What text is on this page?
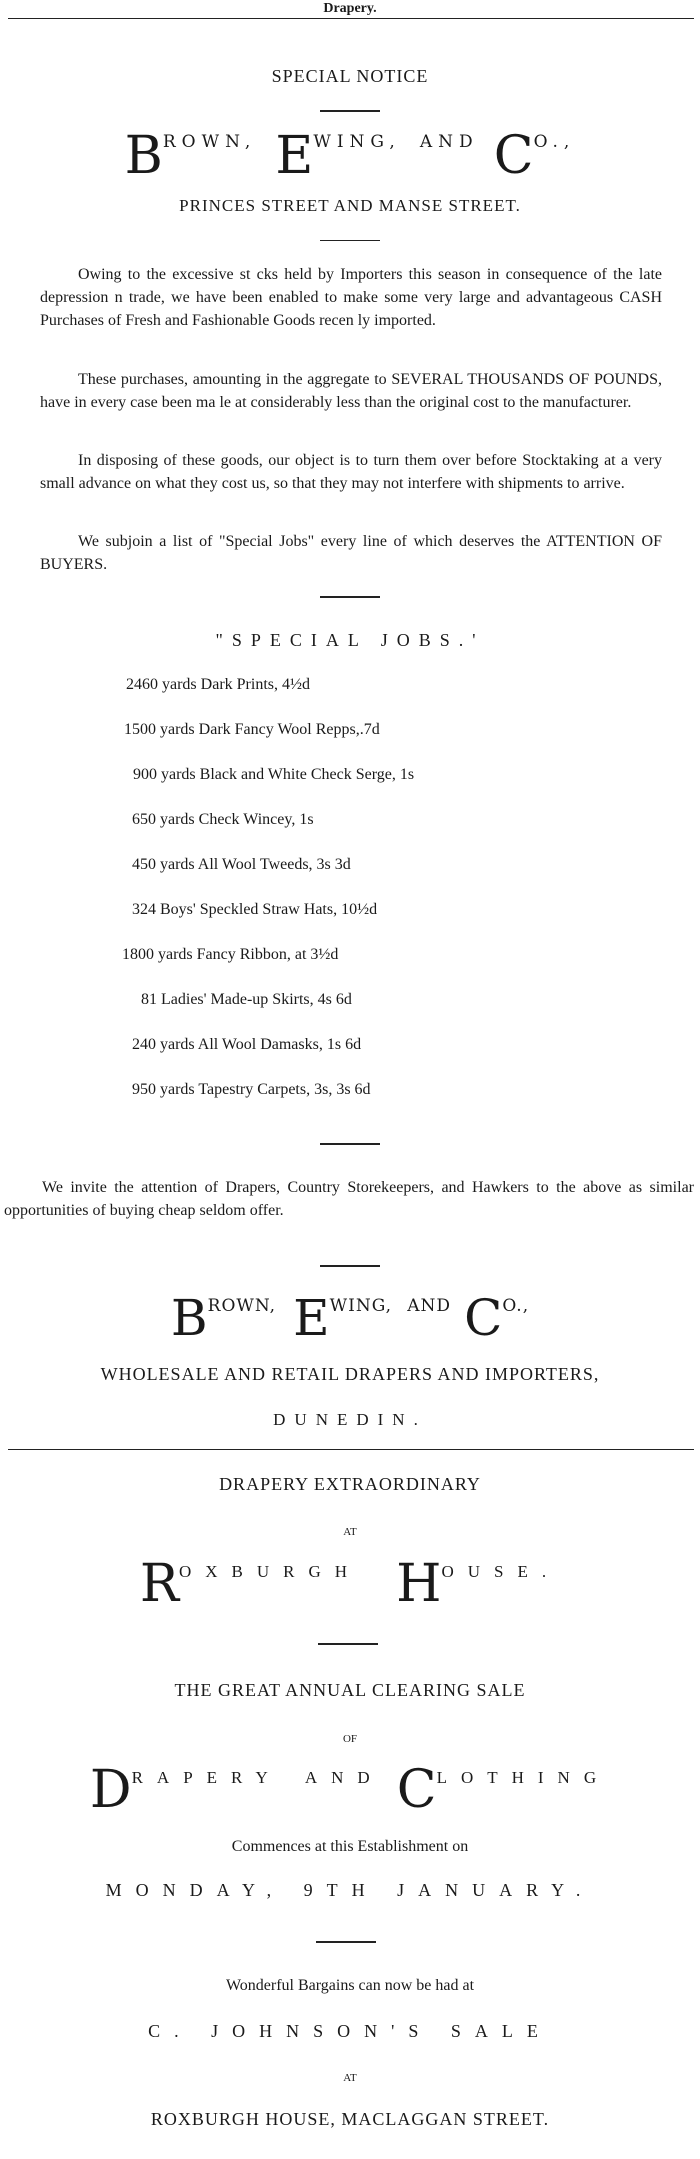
Drapery.
SPECIAL NOTICE
BROWN, EWING, AND CO.,
PRINCES STREET AND MANSE STREET.
Owing to the excessive st cks held by Importers this season in consequence of the late depression n trade, we have been enabled to make some very large and advantageous CASH Purchases of Fresh and Fashionable Goods recen ly imported.
These purchases, amounting in the aggregate to SEVERAL THOUSANDS OF POUNDS, have in every case been ma le at considerably less than the original cost to the manufacturer.
In disposing of these goods, our object is to turn them over before Stocktaking at a very small advance on what they cost us, so that they may not interfere with shipments to arrive.
We subjoin a list of "Special Jobs" every line of which deserves the ATTENTION OF BUYERS.
"SPECIAL JOBS.'
2460 yards Dark Prints, 4½d
1500 yards Dark Fancy Wool Repps,.7d
900 yards Black and White Check Serge, 1s
650 yards Check Wincey, 1s
450 yards All Wool Tweeds, 3s 3d
324 Boys' Speckled Straw Hats, 10½d
1800 yards Fancy Ribbon, at 3½d
81 Ladies' Made-up Skirts, 4s 6d
240 yards All Wool Damasks, 1s 6d
950 yards Tapestry Carpets, 3s, 3s 6d
We invite the attention of Drapers, Country Storekeepers, and Hawkers to the above as similar opportunities of buying cheap seldom offer.
BROWN, EWING, AND CO.,
WHOLESALE AND RETAIL DRAPERS AND IMPORTERS,
DUNEDIN.
DRAPERY EXTRAORDINARY
AT
ROXBURGH HOUSE.
THE GREAT ANNUAL CLEARING SALE
OF
DRAPERY AND CLOTHING
Commences at this Establishment on
MONDAY, 9TH JANUARY.
Wonderful Bargains can now be had at
C. JOHNSON'S SALE
AT
ROXBURGH HOUSE, MACLAGGAN STREET.
